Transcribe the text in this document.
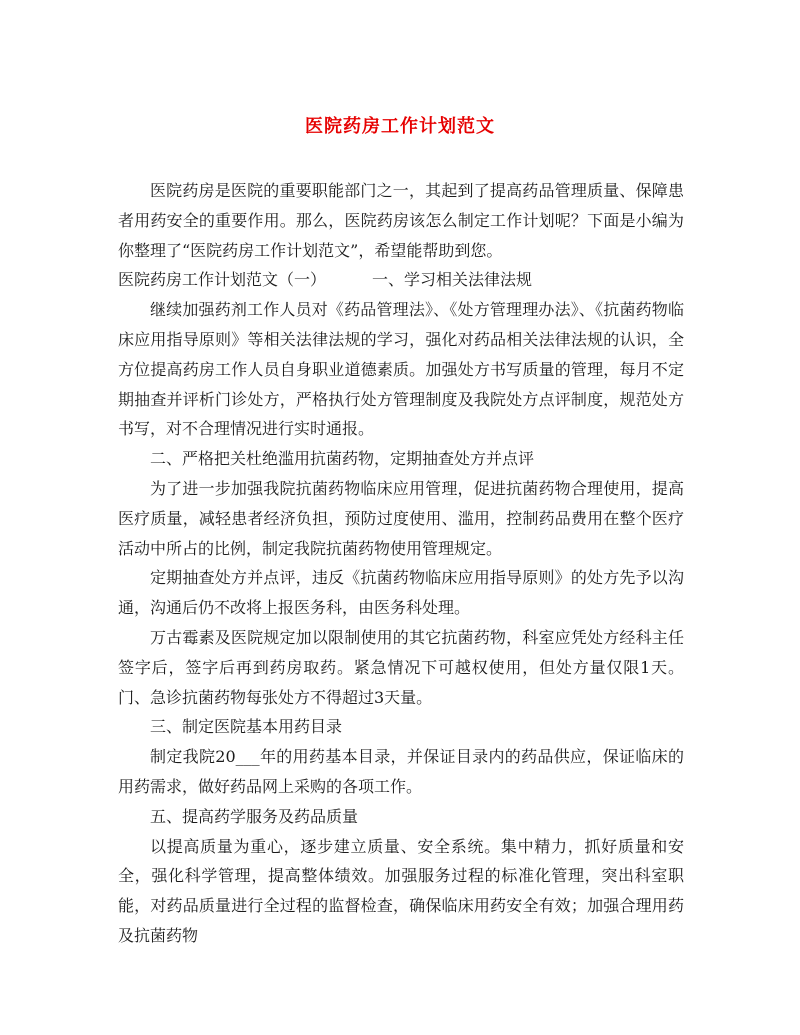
医院药房工作计划范文

医院药房是医院的重要职能部门之一，其起到了提高药品管理质量、保障患者用药安全的重要作用。那么，医院药房该怎么制定工作计划呢？下面是小编为你整理了“医院药房工作计划范文”，希望能帮助到您。

医院药房工作计划范文（一）	一、学习相关法律法规

继续加强药剂工作人员对《药品管理法》、《处方管理理办法》、《抗菌药物临床应用指导原则》等相关法律法规的学习，强化对药品相关法律法规的认识，全方位提高药房工作人员自身职业道德素质。加强处方书写质量的管理，每月不定期抽查并评析门诊处方，严格执行处方管理制度及我院处方点评制度，规范处方书写，对不合理情况进行实时通报。

二、严格把关杜绝滥用抗菌药物，定期抽查处方并点评

为了进一步加强我院抗菌药物临床应用管理，促进抗菌药物合理使用，提高医疗质量，减轻患者经济负担，预防过度使用、滥用，控制药品费用在整个医疗活动中所占的比例，制定我院抗菌药物使用管理规定。

定期抽查处方并点评，违反《抗菌药物临床应用指导原则》的处方先予以沟通，沟通后仍不改将上报医务科，由医务科处理。

万古霉素及医院规定加以限制使用的其它抗菌药物，科室应凭处方经科主任签字后，签字后再到药房取药。紧急情况下可越权使用，但处方量仅限1天。门、急诊抗菌药物每张处方不得超过3天量。

三、制定医院基本用药目录

制定我院20___年的用药基本目录，并保证目录内的药品供应，保证临床的用药需求，做好药品网上采购的各项工作。

五、提高药学服务及药品质量

以提高质量为重心，逐步建立质量、安全系统。集中精力，抓好质量和安全，强化科学管理，提高整体绩效。加强服务过程的标准化管理，突出科室职能，对药品质量进行全过程的监督检查，确保临床用药安全有效；加强合理用药及抗菌药物
